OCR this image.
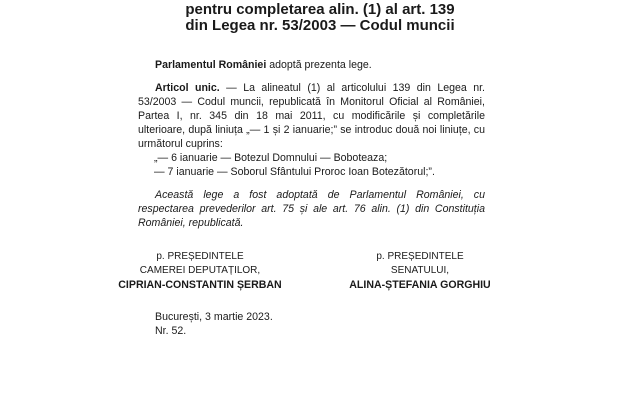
pentru completarea alin. (1) al art. 139
din Legea nr. 53/2003 — Codul muncii

Parlamentul României adoptă prezenta lege.

Articol unic. — La alineatul (1) al articolului 139 din Legea nr. 53/2003 — Codul muncii, republicată în Monitorul Oficial al României, Partea I, nr. 345 din 18 mai 2011, cu modificările și completările ulterioare, după liniuța „— 1 și 2 ianuarie;” se introduc două noi liniuțe, cu următorul cuprins:
„— 6 ianuarie — Botezul Domnului — Boboteaza;
— 7 ianuarie — Soborul Sfântului Proroc Ioan Botezătorul;”.
Această lege a fost adoptată de Parlamentul României, cu respectarea prevederilor art. 75 și ale art. 76 alin. (1) din Constituția României, republicată.
p. PREȘEDINTELE
CAMEREI DEPUTAȚILOR,
CIPRIAN-CONSTANTIN ȘERBAN
p. PREȘEDINTELE
SENATULUI,
ALINA-ȘTEFANIA GORGHIU
București, 3 martie 2023.
Nr. 52.
